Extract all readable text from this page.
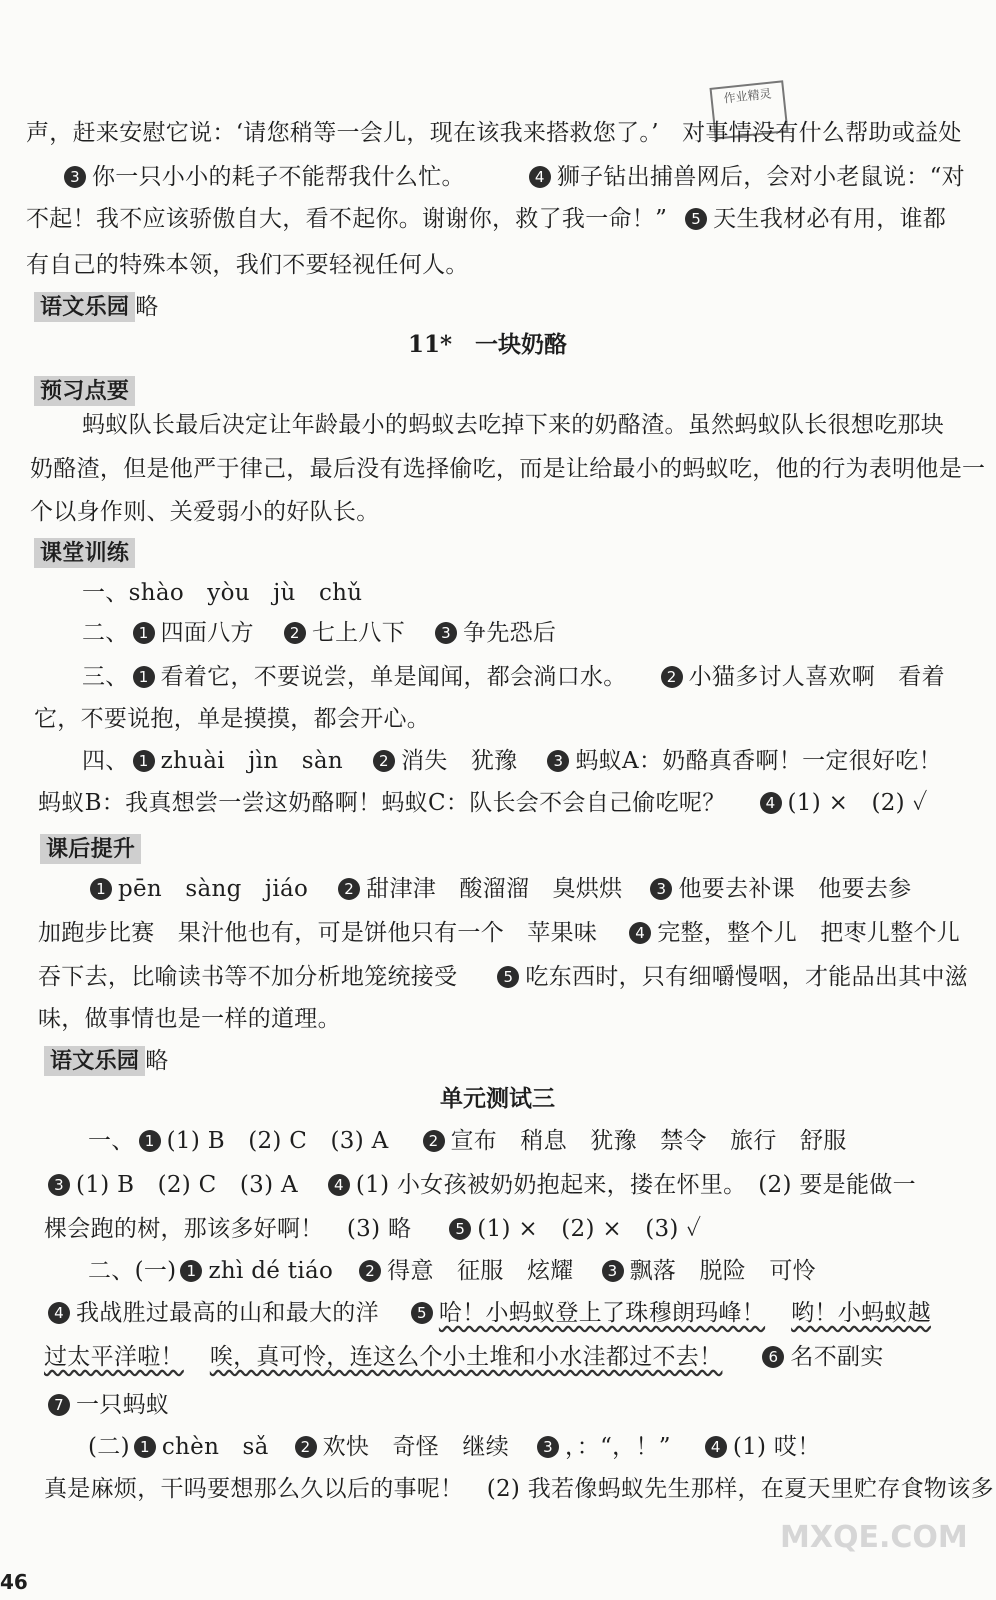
作业精灵
声，赶来安慰它说：‘请您稍等一会儿，现在该我来搭救您了。’　对事情没有什么帮助或益处
3 你一只小小的耗子不能帮我什么忙。	4 狮子钻出捕兽网后，会对小老鼠说：“对
不起！我不应该骄傲自大，看不起你。谢谢你，救了我一命！” 5 天生我材必有用，谁都
有自己的特殊本领，我们不要轻视任何人。
语文乐园 略
11*　一块奶酪
预习点要
蚂蚁队长最后决定让年龄最小的蚂蚁去吃掉下来的奶酪渣。虽然蚂蚁队长很想吃那块
奶酪渣，但是他严于律己，最后没有选择偷吃，而是让给最小的蚂蚁吃，他的行为表明他是一
个以身作则、关爱弱小的好队长。
课堂训练
一、shào　yòu　jù　chǔ
二、 1 四面八方 2 七上八下 3 争先恐后
三、 1 看着它，不要说尝，单是闻闻，都会淌口水。	2 小猫多讨人喜欢啊　看着
它，不要说抱，单是摸摸，都会开心。
四、 1 zhuài　jìn　sàn 2 消失　犹豫 3 蚂蚁A：奶酪真香啊！一定很好吃！
蚂蚁B：我真想尝一尝这奶酪啊！蚂蚁C：队长会不会自己偷吃呢？	4 (1) ×　(2) ✓
课后提升
1 pēn　sàng　jiáo 2 甜津津　酸溜溜　臭烘烘 3 他要去补课　他要去参
加跑步比赛　果汁他也有，可是饼他只有一个　苹果味	4 完整，整个儿　把枣儿整个儿
吞下去，比喻读书等不加分析地笼统接受	5 吃东西时，只有细嚼慢咽，才能品出其中滋
味，做事情也是一样的道理。
语文乐园 略
单元测试三
一、 1 (1) B　(2) C　(3) A	2 宣布　稍息　犹豫　禁令　旅行　舒服
3 (1) B　(2) C　(3) A 4 (1) 小女孩被奶奶抱起来，搂在怀里。　(2) 要是能做一
棵会跑的树，那该多好啊！　(3) 略	5 (1) ×　(2) ×　(3) ✓
二、(一) 1 zhì dé tiáo 2 得意　征服　炫耀 3 飘落　脱险　可怜
4 我战胜过最高的山和最大的洋	5 哈！小蚂蚁登上了珠穆朗玛峰！ 哟！小蚂蚁越
过太平洋啦！ 唉，真可怜，连这么个小土堆和小水洼都过不去！	6 名不副实
7 一只蚂蚁
(二) 1 chèn　sǎ 2 欢快　奇怪　继续 3 ，：“，！”	4 (1) 哎！
真是麻烦，干吗要想那么久以后的事呢！　(2) 我若像蚂蚁先生那样，在夏天里贮存食物该多
MXQE.COM
46
